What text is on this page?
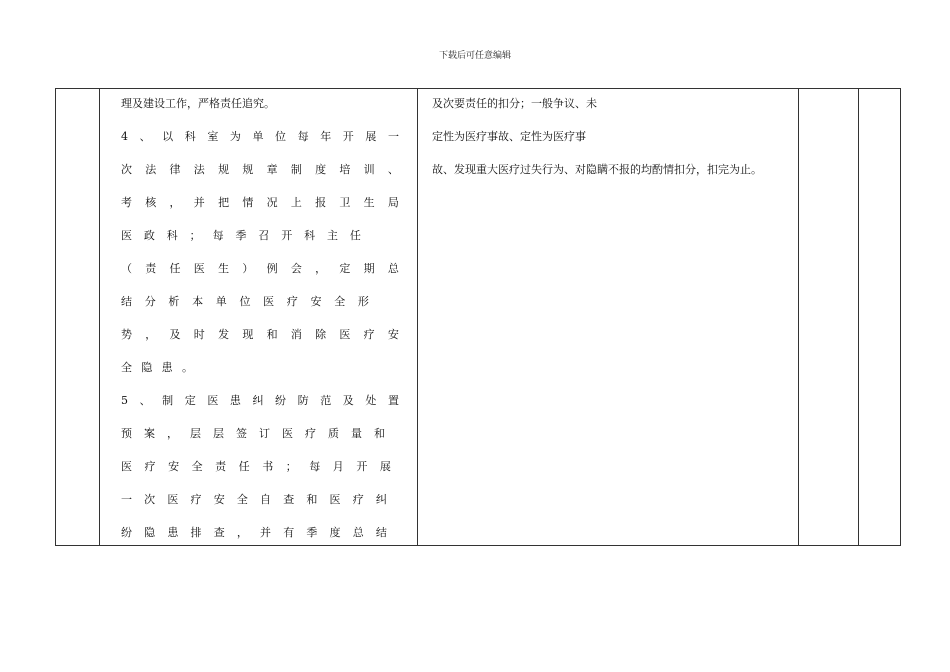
下载后可任意编辑
理及建设工作，严格责任追究。
4 、 以 科 室 为 单 位 每 年 开 展 一
次 法 律 法 规 规 章 制 度 培 训 、
考 核 ， 并 把 情 况 上 报 卫 生 局
医 政 科 ； 每 季 召 开 科 主 任
（ 责 任 医 生 ） 例 会 ， 定 期 总
结 分 析 本 单 位 医 疗 安 全 形
势 ， 及 时 发 现 和 消 除 医 疗 安
全 隐 患 。
5 、 制 定 医 患 纠 纷 防 范 及 处 置
预 案 ， 层 层 签 订 医 疗 质 量 和
医 疗 安 全 责 任 书 ； 每 月 开 展
一 次 医 疗 安 全 自 查 和 医 疗 纠
纷 隐 患 排 查 ， 并 有 季 度 总 结
及次要责任的扣分；一般争议、未
定性为医疗事故、定性为医疗事
故、发现重大医疗过失行为、对隐瞒不报的均酌情扣分，扣完为止。
